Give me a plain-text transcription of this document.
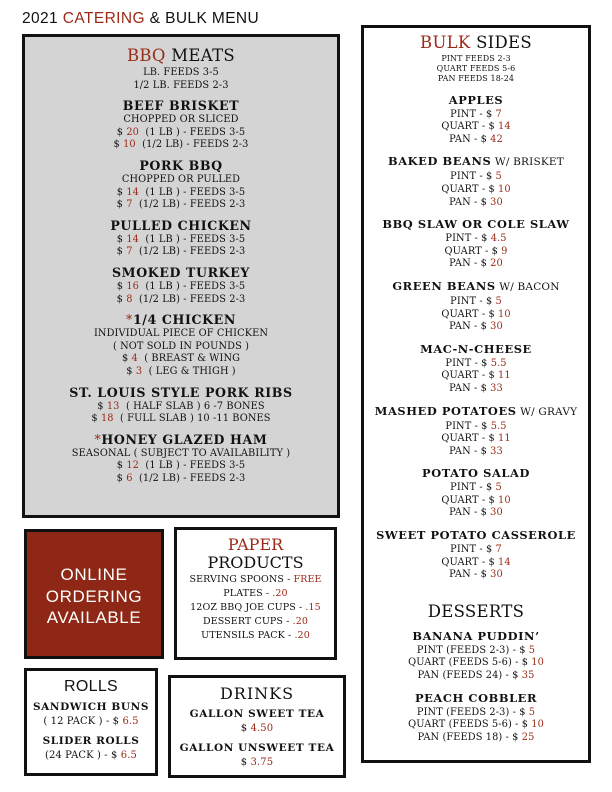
2021 CATERING & BULK MENU
BBQ MEATS
LB. FEEDS 3-5
1/2 LB. FEEDS 2-3
BEEF BRISKET
CHOPPED OR SLICED
$ 20  (1 LB ) - FEEDS 3-5
$ 10  (1/2 LB) - FEEDS 2-3
PORK BBQ
CHOPPED OR PULLED
$ 14  (1 LB ) - FEEDS 3-5
$ 7  (1/2 LB) - FEEDS 2-3
PULLED CHICKEN
$ 14  (1 LB ) - FEEDS 3-5
$ 7  (1/2 LB) - FEEDS 2-3
SMOKED TURKEY
$ 16  (1 LB ) - FEEDS 3-5
$ 8  (1/2 LB) - FEEDS 2-3
*1/4 CHICKEN
INDIVIDUAL PIECE OF CHICKEN
( NOT SOLD IN POUNDS )
$ 4  ( BREAST & WING
$ 3  ( LEG & THIGH )
ST. LOUIS STYLE PORK RIBS
$ 13  ( HALF SLAB ) 6 -7 BONES
$ 18  ( FULL SLAB ) 10 -11 BONES
*HONEY GLAZED HAM
SEASONAL ( SUBJECT TO AVAILABILITY )
$ 12  (1 LB ) - FEEDS 3-5
$ 6  (1/2 LB) - FEEDS 2-3
BULK SIDES
PINT FEEDS 2-3
QUART FEEDS 5-6
PAN FEEDS 18-24
APPLES
PINT - $ 7
QUART - $ 14
PAN - $ 42
BAKED BEANS W/ BRISKET
PINT - $ 5
QUART - $ 10
PAN - $ 30
BBQ SLAW OR COLE SLAW
PINT - $ 4.5
QUART - $ 9
PAN - $ 20
GREEN BEANS W/ BACON
PINT - $ 5
QUART - $ 10
PAN - $ 30
MAC-N-CHEESE
PINT - $ 5.5
QUART - $ 11
PAN - $ 33
MASHED POTATOES W/ GRAVY
PINT - $ 5.5
QUART - $ 11
PAN - $ 33
POTATO SALAD
PINT - $ 5
QUART - $ 10
PAN - $ 30
SWEET POTATO CASSEROLE
PINT - $ 7
QUART - $ 14
PAN - $ 30
DESSERTS
BANANA PUDDIN’
PINT (FEEDS 2-3) - $ 5
QUART (FEEDS 5-6) - $ 10
PAN (FEEDS 24) - $ 35
PEACH COBBLER
PINT (FEEDS 2-3) - $ 5
QUART (FEEDS 5-6) - $ 10
PAN (FEEDS 18) - $ 25
ONLINE
ORDERING
AVAILABLE
PAPER
PRODUCTS
SERVING SPOONS - FREE
PLATES - .20
12OZ BBQ JOE CUPS - .15
DESSERT CUPS - .20
UTENSILS PACK - .20
ROLLS
SANDWICH BUNS
( 12 PACK ) - $ 6.5
SLIDER ROLLS
(24 PACK ) - $ 6.5
DRINKS
GALLON SWEET TEA
$ 4.50
GALLON UNSWEET TEA
$ 3.75
